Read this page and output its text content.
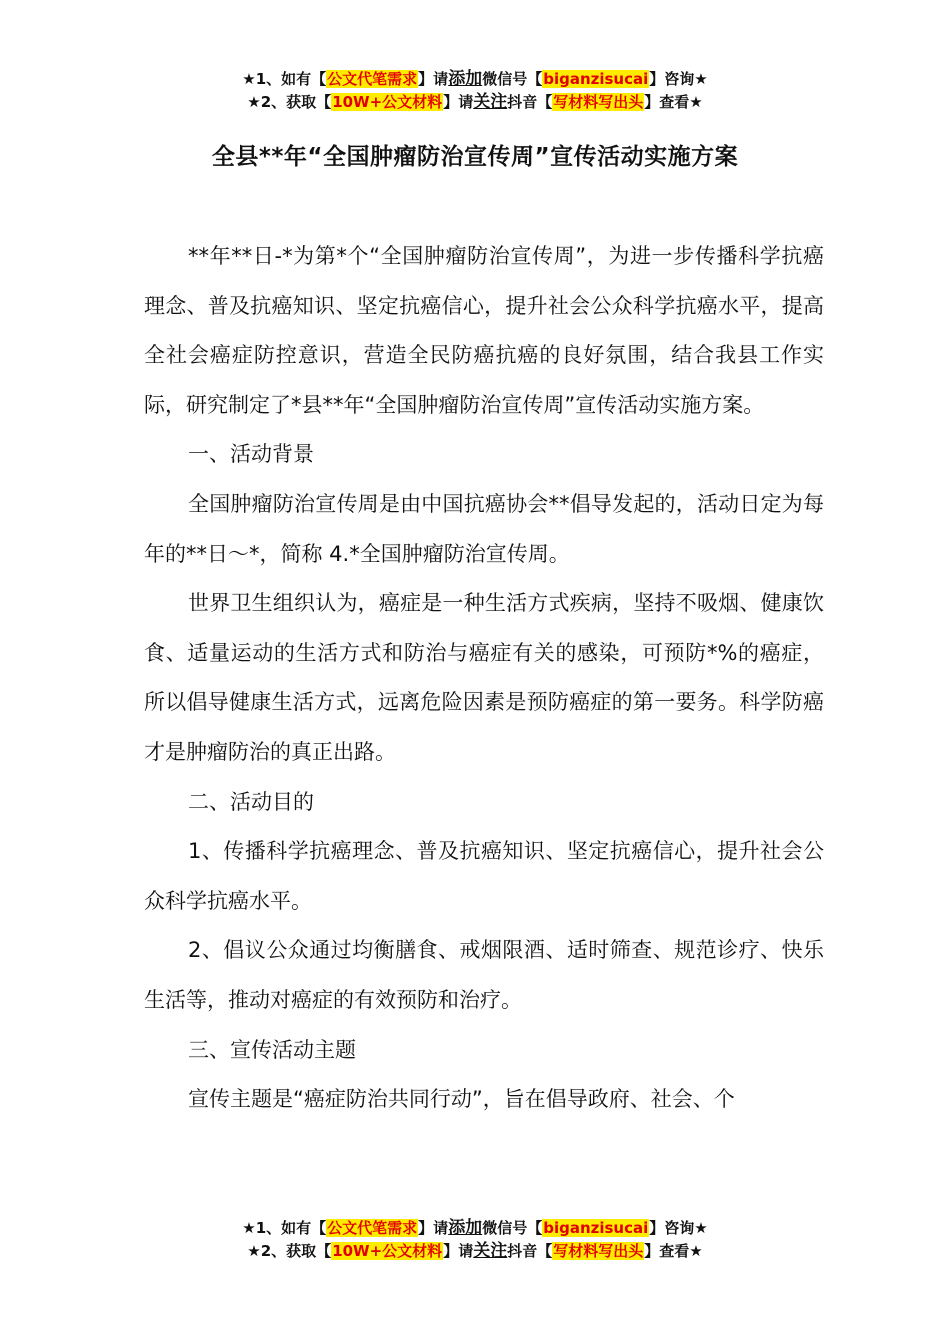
★1、如有【公文代笔需求】请添加微信号【biganzisucai】咨询★
★2、获取【10W+公文材料】请关注抖音【写材料写出头】查看★
全县**年“全国肿瘤防治宣传周”宣传活动实施方案

**年**日-*为第*个“全国肿瘤防治宣传周”，为进一步传播科学抗癌理念、普及抗癌知识、坚定抗癌信心，提升社会公众科学抗癌水平，提高全社会癌症防控意识，营造全民防癌抗癌的良好氛围，结合我县工作实际，研究制定了*县**年“全国肿瘤防治宣传周”宣传活动实施方案。

一、活动背景

全国肿瘤防治宣传周是由中国抗癌协会**倡导发起的，活动日定为每年的**日～*，简称 4.*全国肿瘤防治宣传周。

世界卫生组织认为，癌症是一种生活方式疾病，坚持不吸烟、健康饮食、适量运动的生活方式和防治与癌症有关的感染，可预防*%的癌症，所以倡导健康生活方式，远离危险因素是预防癌症的第一要务。科学防癌才是肿瘤防治的真正出路。

二、活动目的

1、传播科学抗癌理念、普及抗癌知识、坚定抗癌信心，提升社会公众科学抗癌水平。

2、倡议公众通过均衡膳食、戒烟限酒、适时筛查、规范诊疗、快乐生活等，推动对癌症的有效预防和治疗。

三、宣传活动主题

宣传主题是“癌症防治共同行动”，旨在倡导政府、社会、个

★1、如有【公文代笔需求】请添加微信号【biganzisucai】咨询★
★2、获取【10W+公文材料】请关注抖音【写材料写出头】查看★
